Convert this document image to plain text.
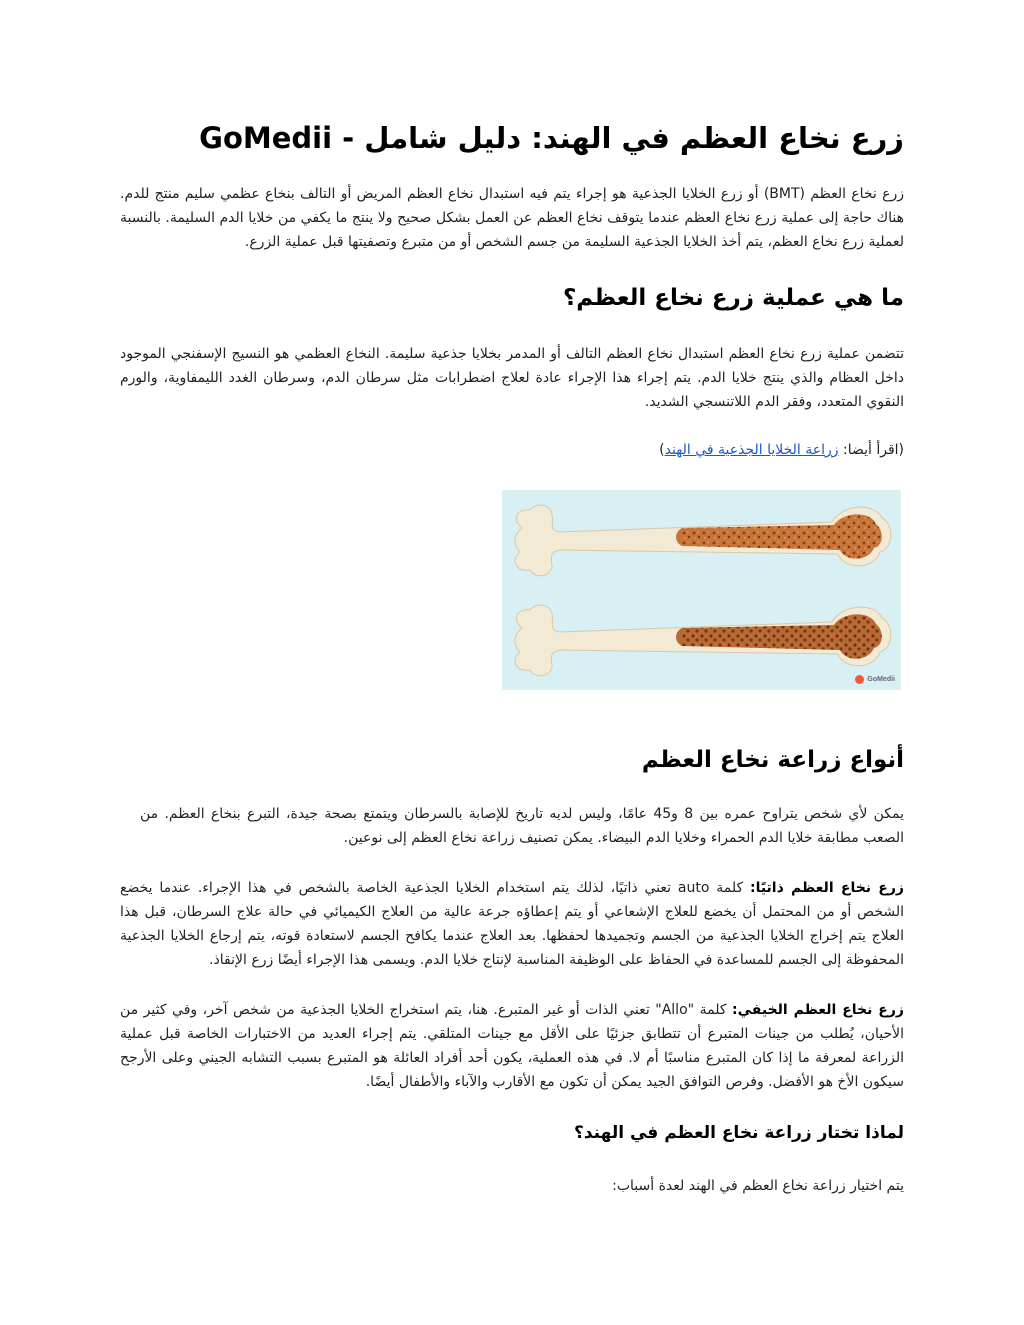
زرع نخاع العظم في الهند: دليل شامل - GoMedii

زرع نخاع العظم (BMT) أو زرع الخلايا الجذعية هو إجراء يتم فيه استبدال نخاع العظم المريض أو التالف بنخاع عظمي سليم منتج للدم. هناك حاجة إلى عملية زرع نخاع العظم عندما يتوقف نخاع العظم عن العمل بشكل صحيح ولا ينتج ما يكفي من خلايا الدم السليمة. بالنسبة لعملية زرع نخاع العظم، يتم أخذ الخلايا الجذعية السليمة من جسم الشخص أو من متبرع وتصفيتها قبل عملية الزرع.

ما هي عملية زرع نخاع العظم؟

تتضمن عملية زرع نخاع العظم استبدال نخاع العظم التالف أو المدمر بخلايا جذعية سليمة. النخاع العظمي هو النسيج الإسفنجي الموجود داخل العظام والذي ينتج خلايا الدم. يتم إجراء هذا الإجراء عادة لعلاج اضطرابات مثل سرطان الدم، وسرطان الغدد الليمفاوية، والورم النقوي المتعدد، وفقر الدم اللاتنسجي الشديد.

(اقرأ أيضا: زراعة الخلايا الجذعية في الهند)

أنواع زراعة نخاع العظم

يمكن لأي شخص يتراوح عمره بين 8 و45 عامًا، وليس لديه تاريخ للإصابة بالسرطان ويتمتع بصحة جيدة، التبرع بنخاع العظم. من الصعب مطابقة خلايا الدم الحمراء وخلايا الدم البيضاء. يمكن تصنيف زراعة نخاع العظم إلى نوعين.

زرع نخاع العظم ذاتيًا: كلمة auto تعني ذاتيًا، لذلك يتم استخدام الخلايا الجذعية الخاصة بالشخص في هذا الإجراء. عندما يخضع الشخص أو من المحتمل أن يخضع للعلاج الإشعاعي أو يتم إعطاؤه جرعة عالية من العلاج الكيميائي في حالة علاج السرطان، قبل هذا العلاج يتم إخراج الخلايا الجذعية من الجسم وتجميدها لحفظها. بعد العلاج عندما يكافح الجسم لاستعادة قوته، يتم إرجاع الخلايا الجذعية المحفوظة إلى الجسم للمساعدة في الحفاظ على الوظيفة المناسبة لإنتاج خلايا الدم. ويسمى هذا الإجراء أيضًا زرع الإنقاذ.

زرع نخاع العظم الخيفي: كلمة "Allo" تعني الذات أو غير المتبرع. هنا، يتم استخراج الخلايا الجذعية من شخص آخر، وفي كثير من الأحيان، يُطلب من جينات المتبرع أن تتطابق جزئيًا على الأقل مع جينات المتلقي. يتم إجراء العديد من الاختبارات الخاصة قبل عملية الزراعة لمعرفة ما إذا كان المتبرع مناسبًا أم لا. في هذه العملية، يكون أحد أفراد العائلة هو المتبرع بسبب التشابه الجيني وعلى الأرجح سيكون الأخ هو الأفضل. وفرص التوافق الجيد يمكن أن تكون مع الأقارب والآباء والأطفال أيضًا.

لماذا تختار زراعة نخاع العظم في الهند؟

يتم اختيار زراعة نخاع العظم في الهند لعدة أسباب:

GoMedii
